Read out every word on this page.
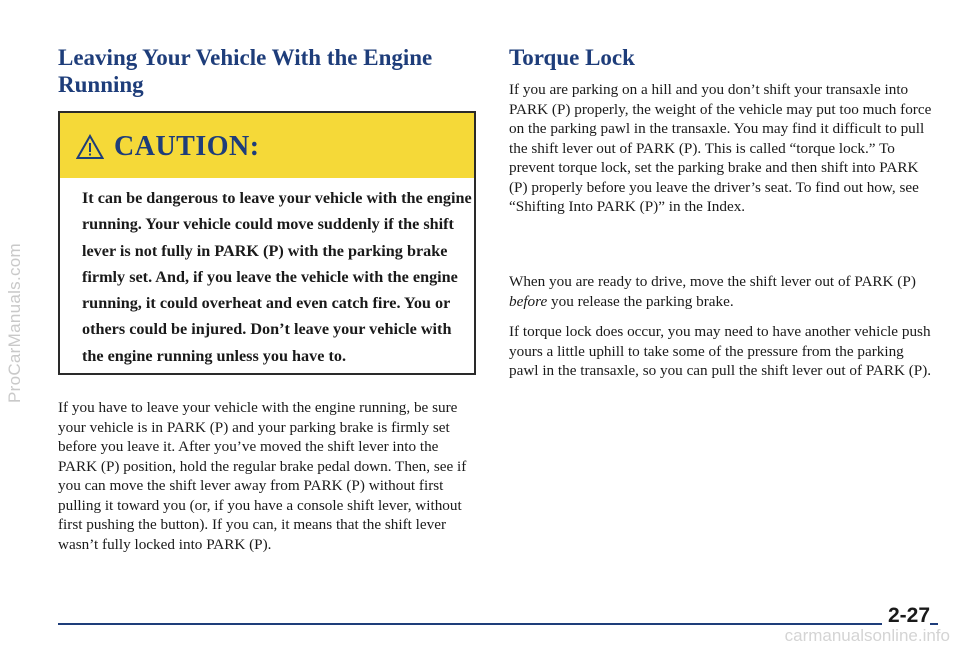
ProCarManuals.com
Leaving Your Vehicle With the Engine Running
CAUTION:
It can be dangerous to leave your vehicle with the engine running. Your vehicle could move suddenly if the shift lever is not fully in PARK (P) with the parking brake firmly set. And, if you leave the vehicle with the engine running, it could overheat and even catch fire. You or others could be injured. Don’t leave your vehicle with the engine running unless you have to.
If you have to leave your vehicle with the engine running, be sure your vehicle is in PARK (P) and your parking brake is firmly set before you leave it. After you’ve moved the shift lever into the PARK (P) position, hold the regular brake pedal down. Then, see if you can move the shift lever away from PARK (P) without first pulling it toward you (or, if you have a console shift lever, without first pushing the button). If you can, it means that the shift lever wasn’t fully locked into PARK (P).
Torque Lock
If you are parking on a hill and you don’t shift your transaxle into PARK (P) properly, the weight of the vehicle may put too much force on the parking pawl in the transaxle. You may find it difficult to pull the shift lever out of PARK (P). This is called “torque lock.” To prevent torque lock, set the parking brake and then shift into PARK (P) properly before you leave the driver’s seat. To find out how, see “Shifting Into PARK (P)” in the Index.
When you are ready to drive, move the shift lever out of PARK (P) before you release the parking brake.
If torque lock does occur, you may need to have another vehicle push yours a little uphill to take some of the pressure from the parking pawl in the transaxle, so you can pull the shift lever out of PARK (P).
2-27
carmanualsonline.info
